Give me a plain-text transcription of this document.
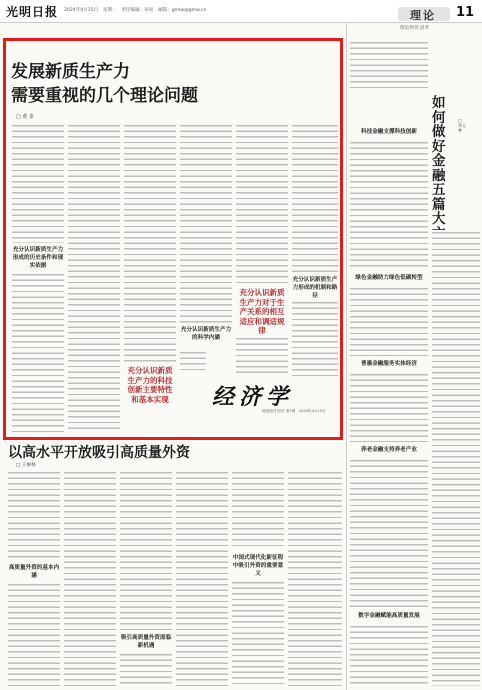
光明日报 2024年4月15日　星期一　责任编辑：孙亮　邮箱：gmlw@gmw.cn	理论 11
理论周刊·思考
发展新质生产力
需要重视的几个理论问题
□ 黄 泰
充分认识新质生产力形成的历史条件和现实依据
充分认识新质生产力的科技创新主要特性和基本实现
充分认识新质生产力的科学内涵
充分认识新质生产力对于生产关系的相互适应和调适规律
充分认识新质生产力形成的机制和路径
经济学
理论周刊·经济 第1期　2024年4月15日
以高水平开放吸引高质量外资
□ 王俊林
高质量外资的基本内涵
吸引高质量外资面临新机遇
中国式现代化新征程中吸引外资的重要意义
如何做好金融五篇大
□ 李玉梦
科技金融支撑科技创新
绿色金融助力绿色低碳转型
普惠金融服务实体经济
养老金融支持养老产业
数字金融赋能高质量发展
